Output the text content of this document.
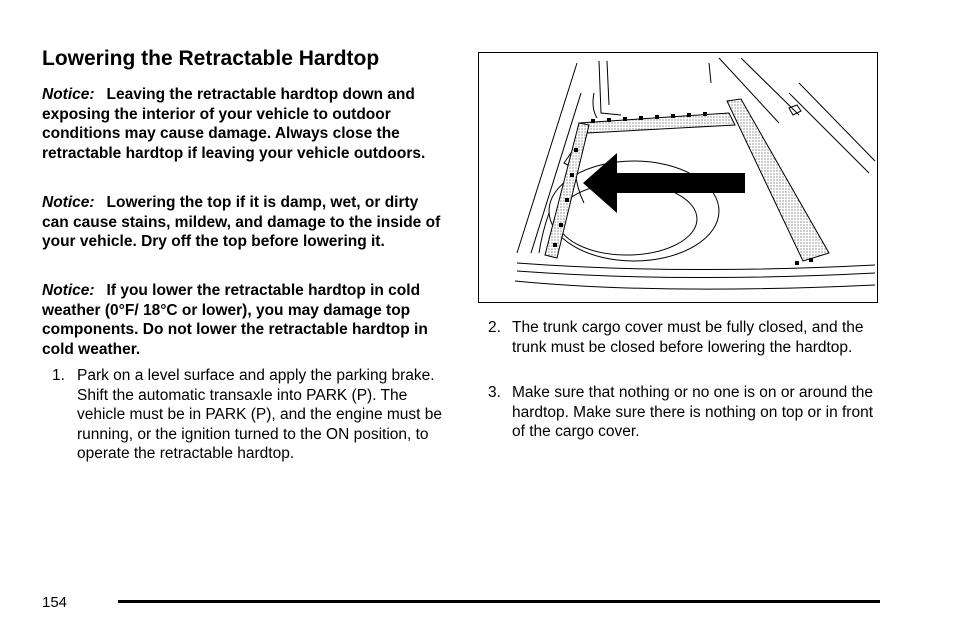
Lowering the Retractable Hardtop

Notice: Leaving the retractable hardtop down and exposing the interior of your vehicle to outdoor conditions may cause damage. Always close the retractable hardtop if leaving your vehicle outdoors.

Notice: Lowering the top if it is damp, wet, or dirty can cause stains, mildew, and damage to the inside of your vehicle. Dry off the top before lowering it.

Notice: If you lower the retractable hardtop in cold weather (0°F/ 18°C or lower), you may damage top components. Do not lower the retractable hardtop in cold weather.

1. Park on a level surface and apply the parking brake. Shift the automatic transaxle into PARK (P). The vehicle must be in PARK (P), and the engine must be running, or the ignition turned to the ON position, to operate the retractable hardtop.
2. The trunk cargo cover must be fully closed, and the trunk must be closed before lowering the hardtop.
3. Make sure that nothing or no one is on or around the hardtop. Make sure there is nothing on top or in front of the cargo cover.
154
